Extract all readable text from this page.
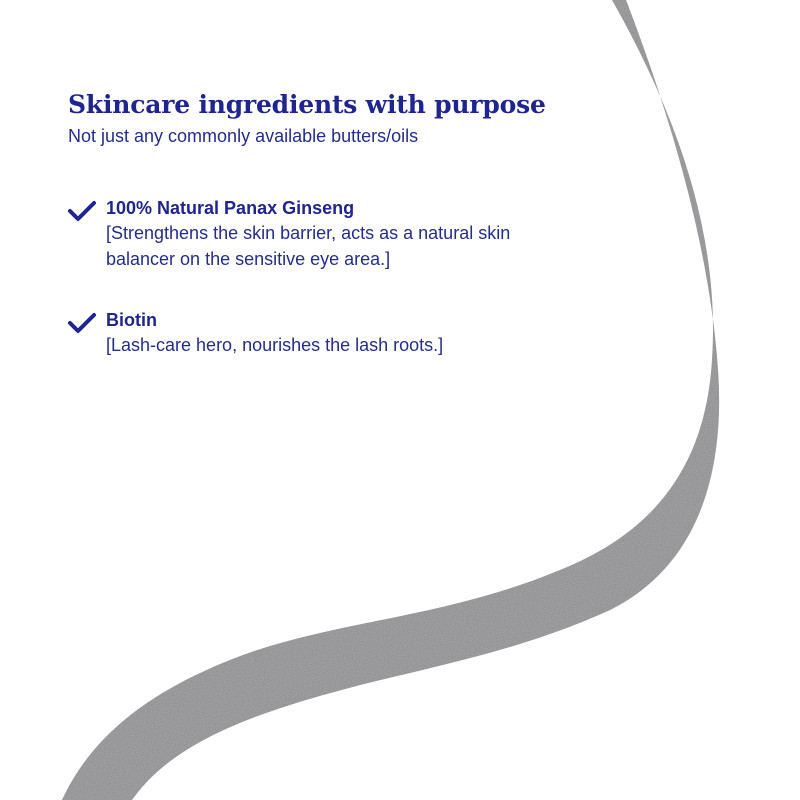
Skincare ingredients with purpose

Not just any commonly available butters/oils

100% Natural Panax Ginseng
[Strengthens the skin barrier, acts as a natural skin balancer on the sensitive eye area.]
Biotin
[Lash-care hero, nourishes the lash roots.]
